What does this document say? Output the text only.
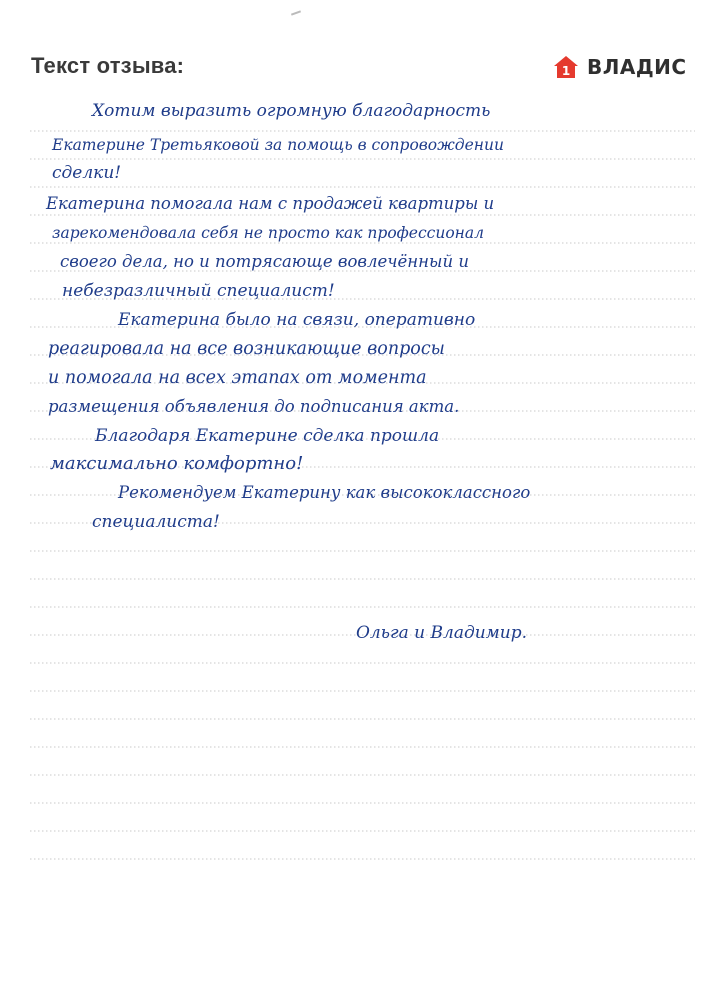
Текст отзыва:	1 ВЛАДИС
Хотим выразить огромную благодарность
Екатерине Третьяковой за помощь в сопровождении
сделки!
Екатерина помогала нам с продажей квартиры и
зарекомендовала себя не просто как профессионал
своего дела, но и потрясающе вовлечённый и
небезразличный специалист!
Екатерина было на связи, оперативно
реагировала на все возникающие вопросы
и помогала на всех этапах от момента
размещения объявления до подписания акта.
Благодаря Екатерине сделка прошла
максимально комфортно!
Рекомендуем Екатерину как высококлассного
специалиста!
Ольга и Владимир.
